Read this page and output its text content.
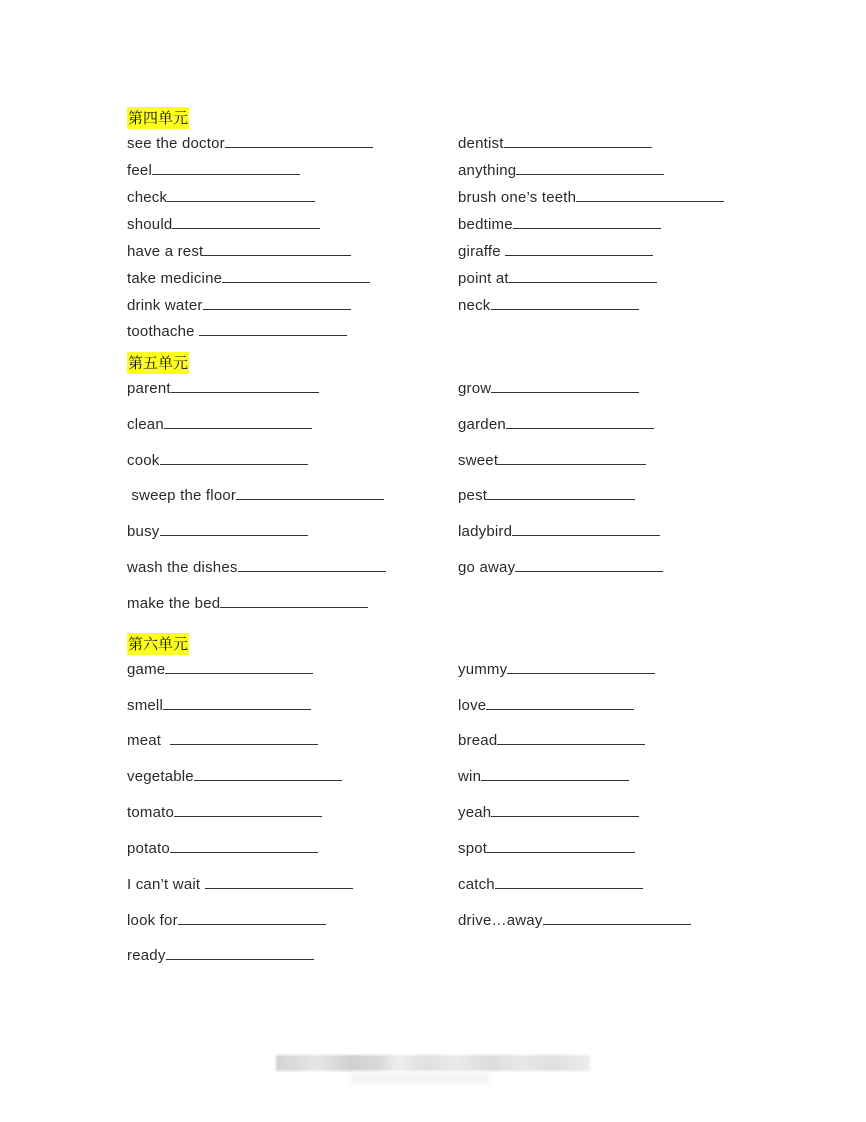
第四单元
see the doctor
feel
check
should
have a rest
take medicine
drink water
toothache
dentist
anything
brush one’s teeth
bedtime
giraffe
point at
neck
第五单元
parent
clean
cook
sweep the floor
busy
wash the dishes
make the bed
grow
garden
sweet
pest
ladybird
go away
第六单元
game
smell
meat
vegetable
tomato
potato
I can’t wait
look for
ready
yummy
love
bread
win
yeah
spot
catch
drive…away
